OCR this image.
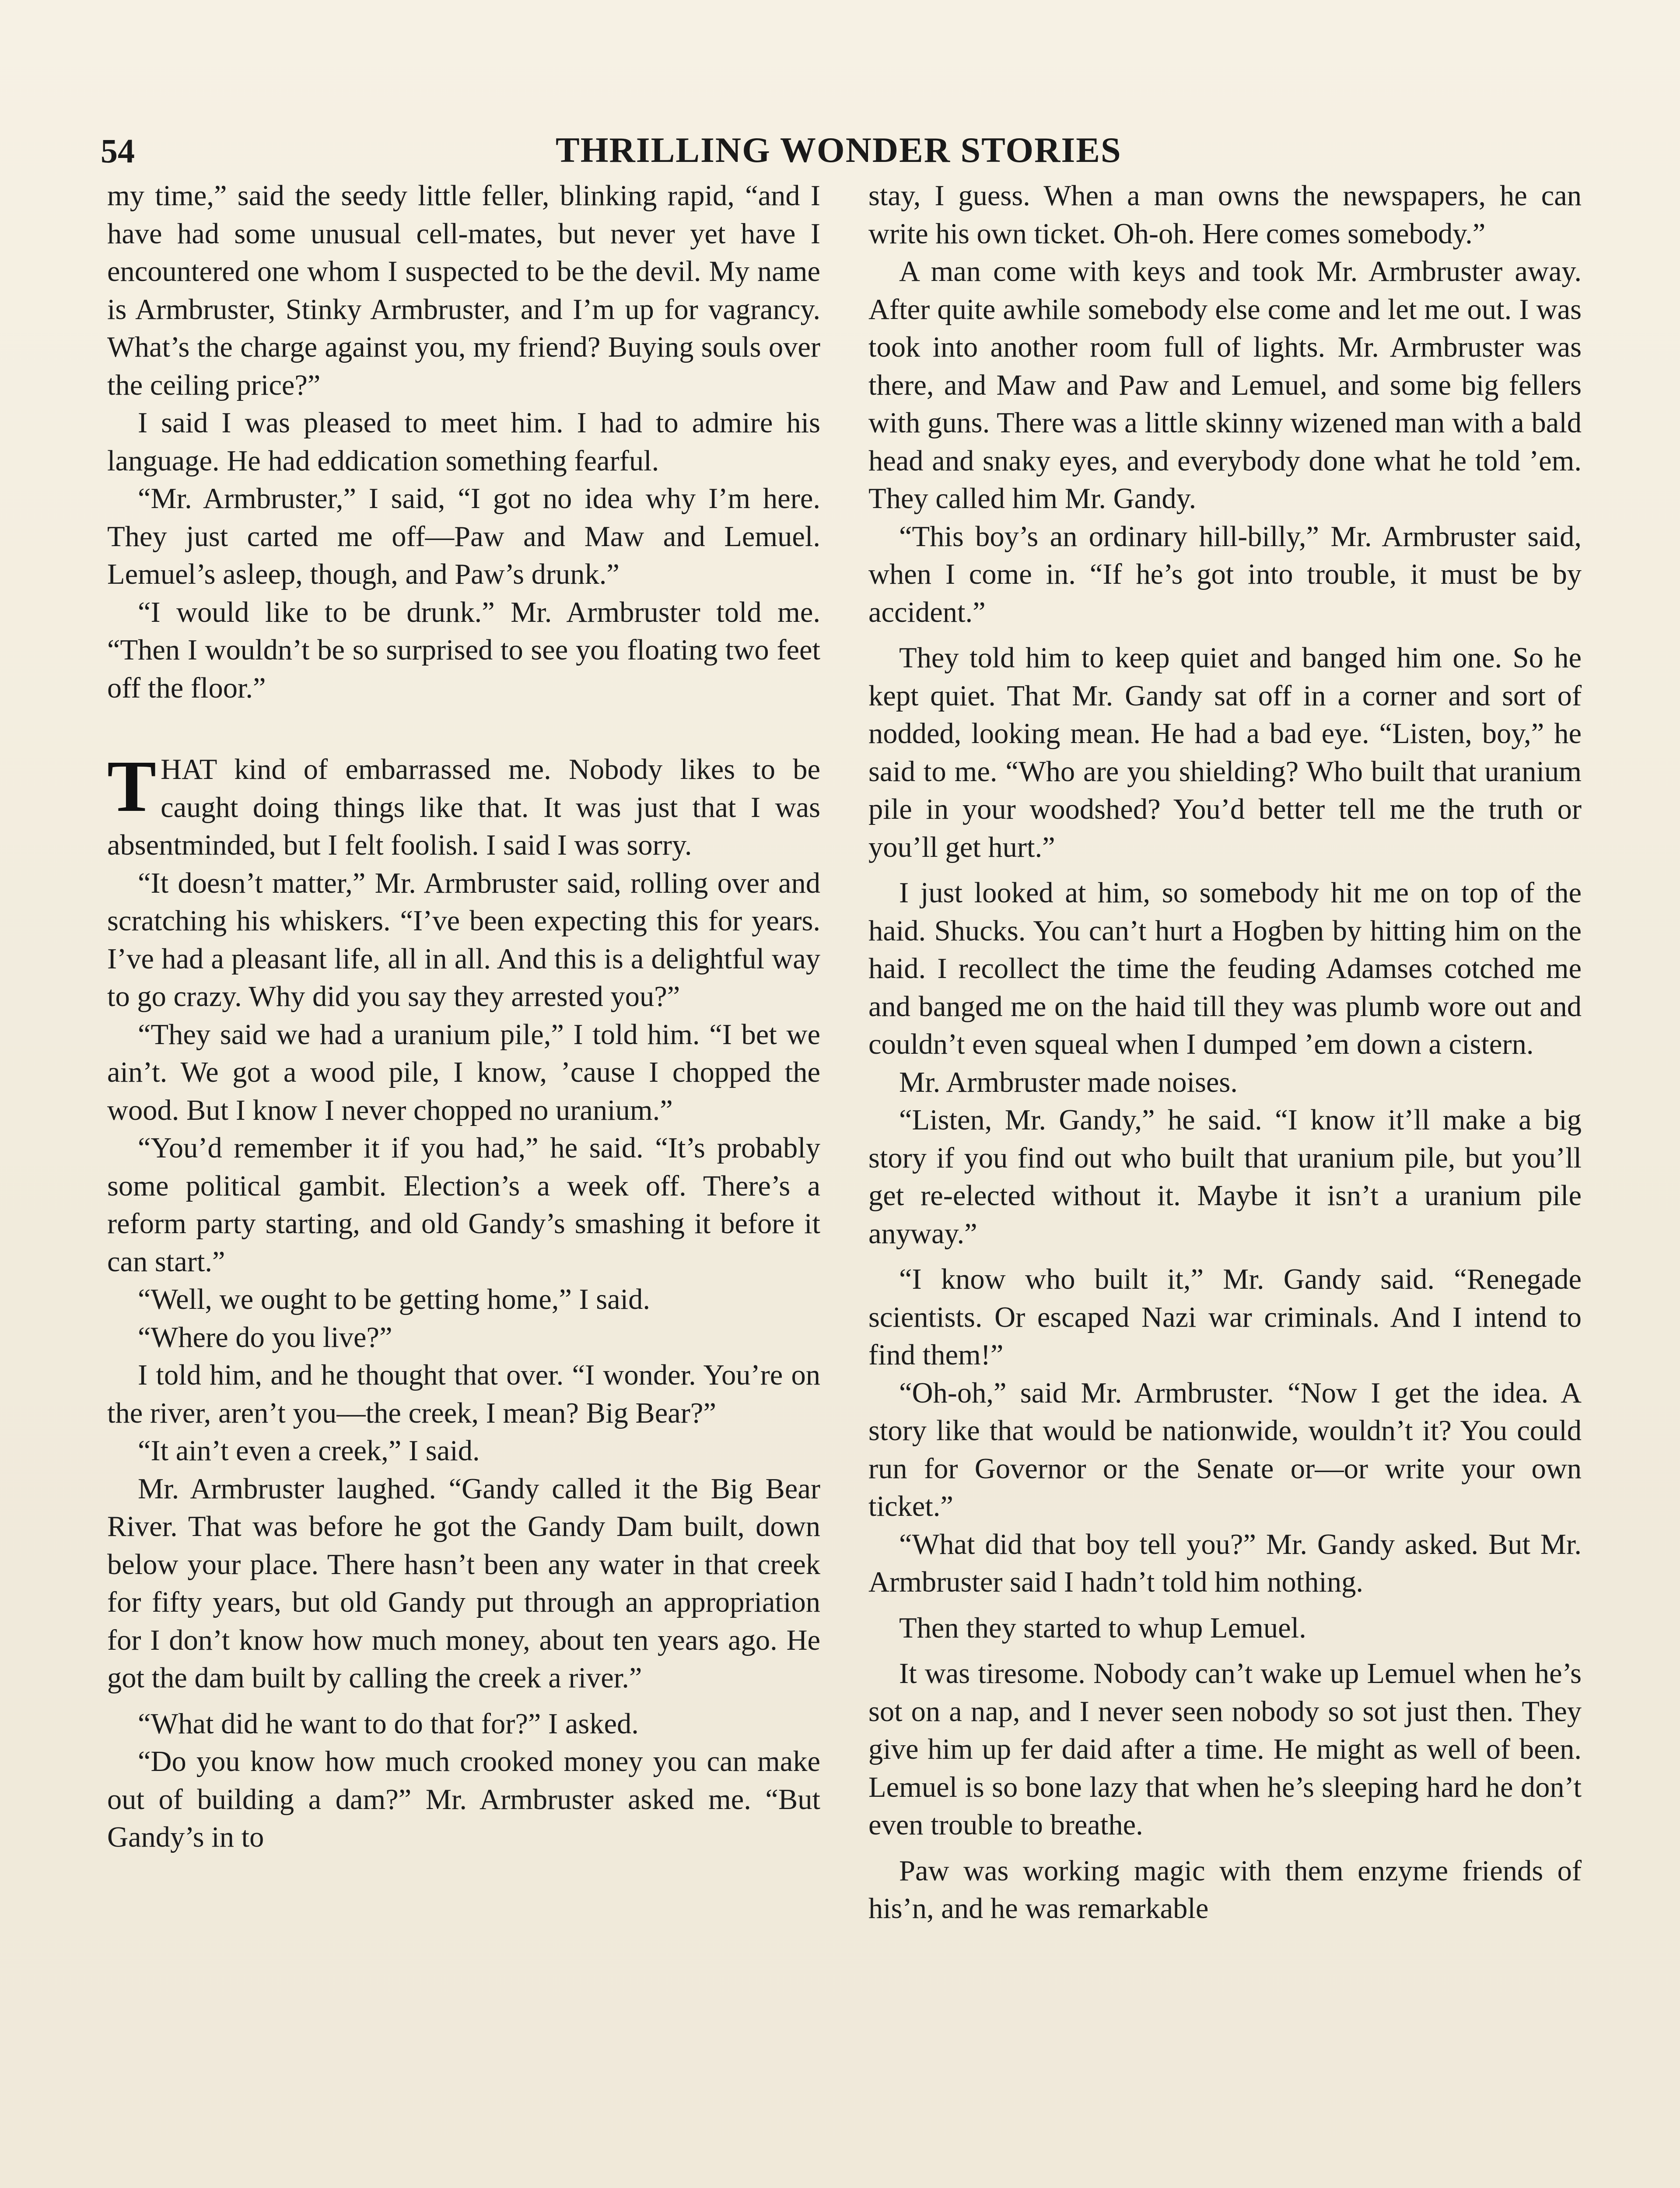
54	THRILLING WONDER STORIES

my time,” said the seedy little feller, blinking rapid, “and I have had some unusual cell-mates, but never yet have I encountered one whom I suspected to be the devil. My name is Armbruster, Stinky Armbruster, and I’m up for vagrancy. What’s the charge against you, my friend? Buying souls over the ceiling price?”

I said I was pleased to meet him. I had to admire his language. He had eddication something fearful.

“Mr. Armbruster,” I said, “I got no idea why I’m here. They just carted me off—Paw and Maw and Lemuel. Lemuel’s asleep, though, and Paw’s drunk.”

“I would like to be drunk.” Mr. Armbruster told me. “Then I wouldn’t be so surprised to see you floating two feet off the floor.”

THAT kind of embarrassed me. Nobody likes to be caught doing things like that. It was just that I was absentminded, but I felt foolish. I said I was sorry.

“It doesn’t matter,” Mr. Armbruster said, rolling over and scratching his whiskers. “I’ve been expecting this for years. I’ve had a pleasant life, all in all. And this is a delightful way to go crazy. Why did you say they arrested you?”

“They said we had a uranium pile,” I told him. “I bet we ain’t. We got a wood pile, I know, ’cause I chopped the wood. But I know I never chopped no uranium.”

“You’d remember it if you had,” he said. “It’s probably some political gambit. Election’s a week off. There’s a reform party starting, and old Gandy’s smashing it before it can start.”

“Well, we ought to be getting home,” I said.

“Where do you live?”

I told him, and he thought that over. “I wonder. You’re on the river, aren’t you—the creek, I mean? Big Bear?”

“It ain’t even a creek,” I said.

Mr. Armbruster laughed. “Gandy called it the Big Bear River. That was before he got the Gandy Dam built, down below your place. There hasn’t been any water in that creek for fifty years, but old Gandy put through an appropriation for I don’t know how much money, about ten years ago. He got the dam built by calling the creek a river.”

“What did he want to do that for?” I asked.

“Do you know how much crooked money you can make out of building a dam?” Mr. Armbruster asked me. “But Gandy’s in to

stay, I guess. When a man owns the newspapers, he can write his own ticket. Oh-oh. Here comes somebody.”

A man come with keys and took Mr. Armbruster away. After quite awhile somebody else come and let me out. I was took into another room full of lights. Mr. Armbruster was there, and Maw and Paw and Lemuel, and some big fellers with guns. There was a little skinny wizened man with a bald head and snaky eyes, and everybody done what he told ’em. They called him Mr. Gandy.

“This boy’s an ordinary hill-billy,” Mr. Armbruster said, when I come in. “If he’s got into trouble, it must be by accident.”

They told him to keep quiet and banged him one. So he kept quiet. That Mr. Gandy sat off in a corner and sort of nodded, looking mean. He had a bad eye. “Listen, boy,” he said to me. “Who are you shielding? Who built that uranium pile in your woodshed? You’d better tell me the truth or you’ll get hurt.”

I just looked at him, so somebody hit me on top of the haid. Shucks. You can’t hurt a Hogben by hitting him on the haid. I recollect the time the feuding Adamses cotched me and banged me on the haid till they was plumb wore out and couldn’t even squeal when I dumped ’em down a cistern.

Mr. Armbruster made noises.

“Listen, Mr. Gandy,” he said. “I know it’ll make a big story if you find out who built that uranium pile, but you’ll get re-elected without it. Maybe it isn’t a uranium pile anyway.”

“I know who built it,” Mr. Gandy said. “Renegade scientists. Or escaped Nazi war criminals. And I intend to find them!”

“Oh-oh,” said Mr. Armbruster. “Now I get the idea. A story like that would be nationwide, wouldn’t it? You could run for Governor or the Senate or—or write your own ticket.”

“What did that boy tell you?” Mr. Gandy asked. But Mr. Armbruster said I hadn’t told him nothing.

Then they started to whup Lemuel.

It was tiresome. Nobody can’t wake up Lemuel when he’s sot on a nap, and I never seen nobody so sot just then. They give him up fer daid after a time. He might as well of been. Lemuel is so bone lazy that when he’s sleeping hard he don’t even trouble to breathe.

Paw was working magic with them enzyme friends of his’n, and he was remarkable
